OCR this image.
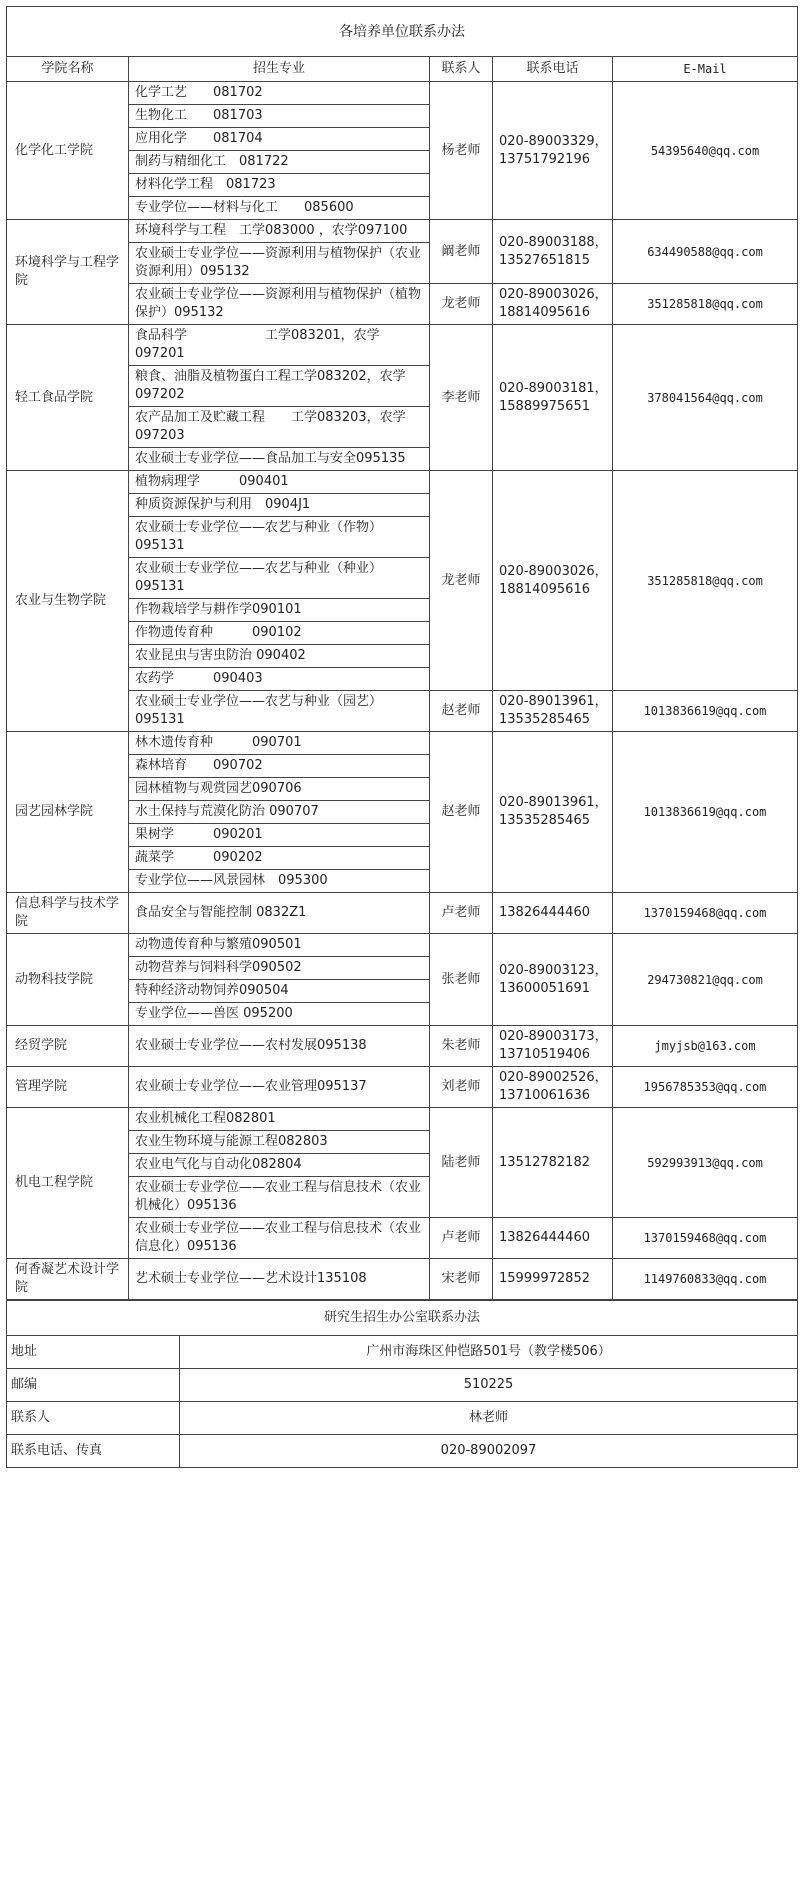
各培养单位联系办法				
学院名称	招生专业	联系人	联系电话	E-Mail
化学化工学院	化学工艺　　081702	杨老师	020-89003329，13751792196	54395640@qq.com
	生物化工　　081703			
	应用化学　　081704			
	制药与精细化工　081722			
	材料化学工程　081723			
	专业学位——材料与化工　　085600			
环境科学与工程学院	环境科学与工程　工学083000 ，农学097100	阚老师	020-89003188，13527651815	634490588@qq.com
	农业硕士专业学位——资源利用与植物保护（农业资源利用）095132			
	农业硕士专业学位——资源利用与植物保护（植物保护）095132	龙老师	020-89003026，18814095616	351285818@qq.com
轻工食品学院	食品科学　　　　　　工学083201，农学097201	李老师	020-89003181，15889975651	378041564@qq.com
	粮食、油脂及植物蛋白工程工学083202，农学097202			
	农产品加工及贮藏工程　　工学083203，农学097203			
	农业硕士专业学位——食品加工与安全095135			
农业与生物学院	植物病理学　　　090401	龙老师	020-89003026，18814095616	351285818@qq.com
	种质资源保护与利用　0904J1			
	农业硕士专业学位——农艺与种业（作物）　095131			
	农业硕士专业学位——农艺与种业（种业）　095131			
	作物栽培学与耕作学090101			
	作物遗传育种　　　090102			
	农业昆虫与害虫防治 090402			
	农药学　　　090403			
	农业硕士专业学位——农艺与种业（园艺）　095131	赵老师	020-89013961，13535285465	1013836619@qq.com
园艺园林学院	林木遗传育种　　　090701	赵老师	020-89013961，13535285465	1013836619@qq.com
	森林培育　　090702			
	园林植物与观赏园艺090706			
	水土保持与荒漠化防治 090707			
	果树学　　　090201			
	蔬菜学　　　090202			
	专业学位——风景园林　095300			
信息科学与技术学院	食品安全与智能控制 0832Z1	卢老师	13826444460	1370159468@qq.com
动物科技学院	动物遗传育种与繁殖090501	张老师	020-89003123，13600051691	294730821@qq.com
	动物营养与饲料科学090502			
	特种经济动物饲养090504			
	专业学位——兽医 095200			
经贸学院	农业硕士专业学位——农村发展095138	朱老师	020-89003173，13710519406	jmyjsb@163.com
管理学院	农业硕士专业学位——农业管理095137	刘老师	020-89002526，13710061636	1956785353@qq.com
机电工程学院	农业机械化工程082801	陆老师	13512782182	592993913@qq.com
	农业生物环境与能源工程082803			
	农业电气化与自动化082804			
	农业硕士专业学位——农业工程与信息技术（农业机械化）095136			
	农业硕士专业学位——农业工程与信息技术（农业信息化）095136	卢老师	13826444460	1370159468@qq.com
何香凝艺术设计学院	艺术硕士专业学位——艺术设计135108	宋老师	15999972852	1149760833@qq.com
研究生招生办公室联系办法	
地址	广州市海珠区仲恺路501号（教学楼506）
邮编	510225
联系人	林老师
联系电话、传真	020-89002097
